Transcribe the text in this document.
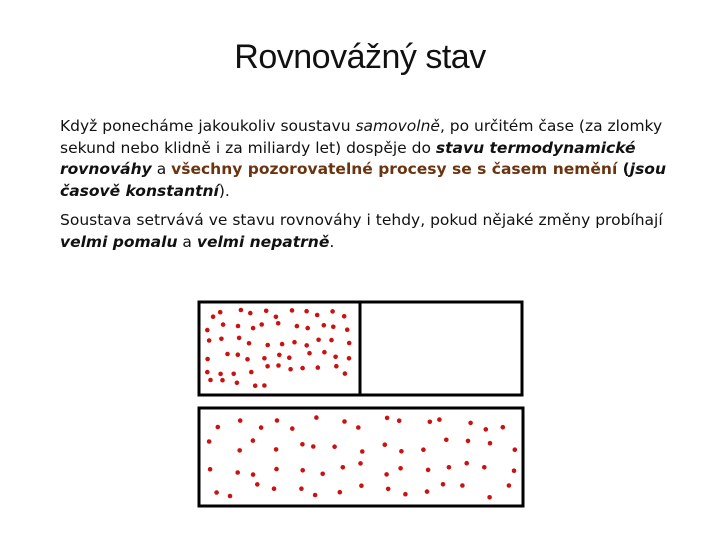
Rovnovážný stav

Když ponecháme jakoukoliv soustavu samovolně, po určitém čase (za zlomky sekund nebo klidně i za miliardy let) dospěje do stavu termodynamické rovnováhy a všechny pozorovatelné procesy se s časem nemění (jsou časově konstantní).

Soustava setrvává ve stavu rovnováhy i tehdy, pokud nějaké změny probíhají velmi pomalu a velmi nepatrně.
